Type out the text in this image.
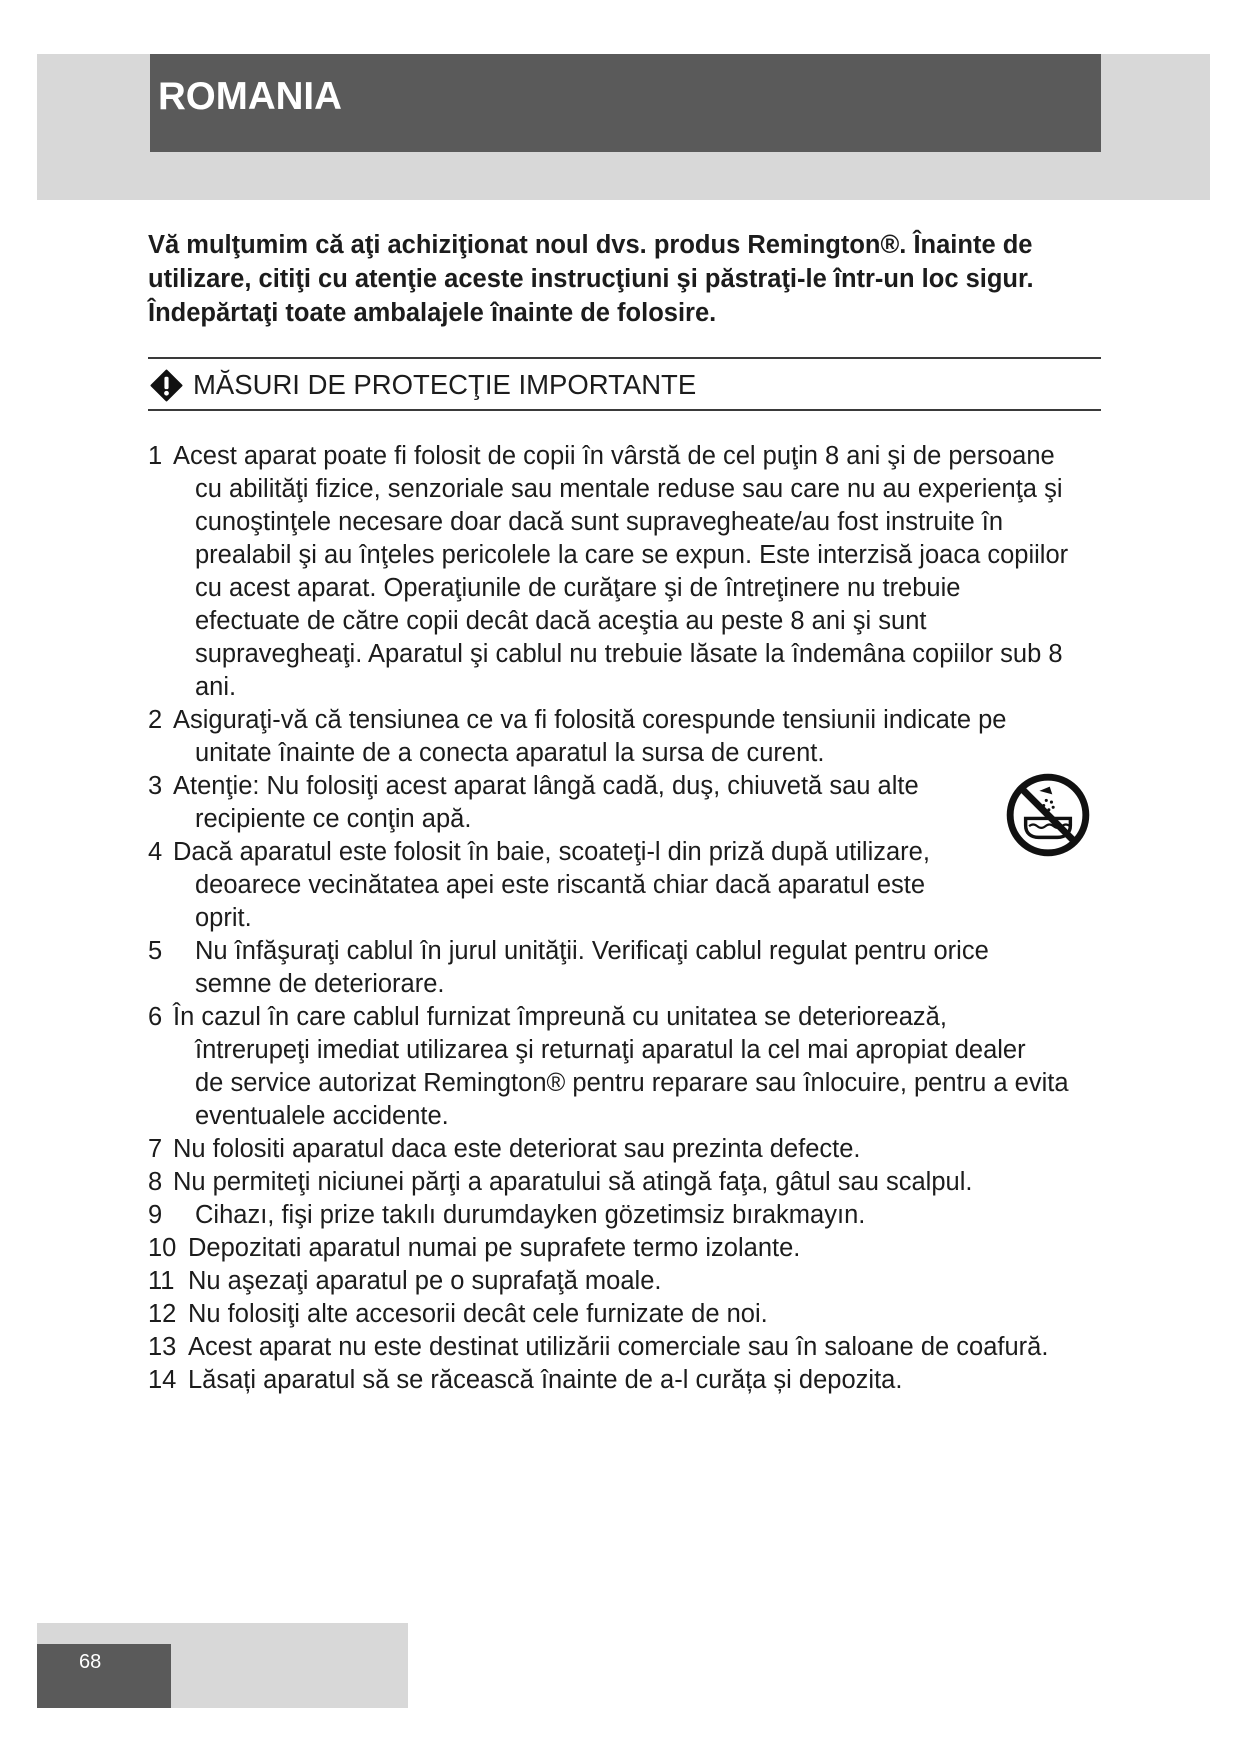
ROMANIA
Vă mulţumim că aţi achiziţionat noul dvs. produs Remington®. Înainte de
utilizare, citiţi cu atenţie aceste instrucţiuni şi păstraţi-le într-un loc sigur.
Îndepărtaţi toate ambalajele înainte de folosire.
MĂSURI DE PROTECŢIE IMPORTANTE
1 Acest aparat poate fi folosit de copii în vârstă de cel puţin 8 ani şi de persoane
cu abilităţi fizice, senzoriale sau mentale reduse sau care nu au experienţa şi
cunoştinţele necesare doar dacă sunt supravegheate/au fost instruite în
prealabil şi au înţeles pericolele la care se expun. Este interzisă joaca copiilor
cu acest aparat. Operaţiunile de curăţare şi de întreţinere nu trebuie
efectuate de către copii decât dacă aceştia au peste 8 ani şi sunt
supravegheaţi. Aparatul şi cablul nu trebuie lăsate la îndemâna copiilor sub 8
ani.
2 Asiguraţi-vă că tensiunea ce va fi folosită corespunde tensiunii indicate pe
unitate înainte de a conecta aparatul la sursa de curent.
3 Atenţie: Nu folosiţi acest aparat lângă cadă, duş, chiuvetă sau alte
recipiente ce conţin apă.
4 Dacă aparatul este folosit în baie, scoateţi-l din priză după utilizare,
deoarece vecinătatea apei este riscantă chiar dacă aparatul este
oprit.
5	Nu înfăşuraţi cablul în jurul unităţii. Verificaţi cablul regulat pentru orice
semne de deteriorare.
6 În cazul în care cablul furnizat împreună cu unitatea se deteriorează,
întrerupeţi imediat utilizarea şi returnaţi aparatul la cel mai apropiat dealer
de service autorizat Remington® pentru reparare sau înlocuire, pentru a evita
eventualele accidente.
7 Nu folositi aparatul daca este deteriorat sau prezinta defecte.
8 Nu permiteţi niciunei părţi a aparatului să atingă faţa, gâtul sau scalpul.
9	Cihazı, fişi prize takılı durumdayken gözetimsiz bırakmayın.
10 Depozitati aparatul numai pe suprafete termo izolante.
11 Nu aşezaţi aparatul pe o suprafaţă moale.
12 Nu folosiţi alte accesorii decât cele furnizate de noi.
13 Acest aparat nu este destinat utilizării comerciale sau în saloane de coafură.
14 Lăsați aparatul să se răcească înainte de a-l curăța și depozita.
68
